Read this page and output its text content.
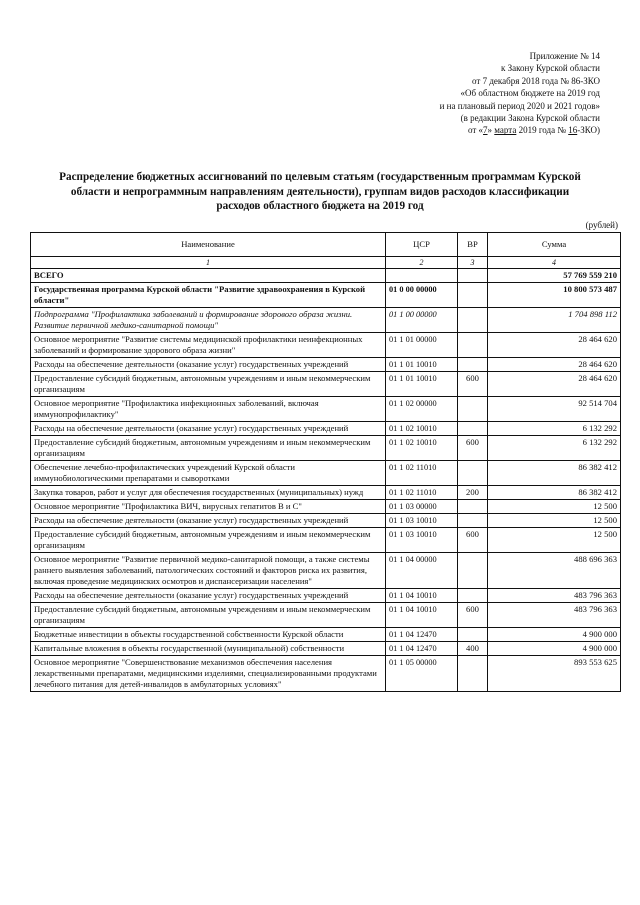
Приложение № 14
к Закону Курской области
от 7 декабря 2018 года № 86-ЗКО
«Об областном бюджете на 2019 год
и на плановый период 2020 и 2021 годов»
(в редакции Закона Курской области
от «7» марта 2019 года № 16-ЗКО)
Распределение бюджетных ассигнований по целевым статьям (государственным программам Курской
области и непрограммным направлениям деятельности), группам видов расходов классификации
расходов областного бюджета на 2019 год
(рублей)
Наименование	ЦСР	ВР	Сумма
1	2	3	4
ВСЕГО			57 769 559 210
Государственная программа Курской области "Развитие здравоохранения в Курской области"	01 0 00 00000		10 800 573 487
Подпрограмма "Профилактика заболеваний и формирование здорового образа жизни. Развитие первичной медико-санитарной помощи"	01 1 00 00000		1 704 898 112
Основное мероприятие "Развитие системы медицинской профилактики неинфекционных заболеваний и формирование здорового образа жизни"	01 1 01 00000		28 464 620
Расходы на обеспечение деятельности (оказание услуг) государственных учреждений	01 1 01 10010		28 464 620
Предоставление субсидий бюджетным, автономным учреждениям и иным некоммерческим организациям	01 1 01 10010	600	28 464 620
Основное мероприятие "Профилактика инфекционных заболеваний, включая иммунопрофилактику"	01 1 02 00000		92 514 704
Расходы на обеспечение деятельности (оказание услуг) государственных учреждений	01 1 02 10010		6 132 292
Предоставление субсидий бюджетным, автономным учреждениям и иным некоммерческим организациям	01 1 02 10010	600	6 132 292
Обеспечение лечебно-профилактических учреждений Курской области иммунобиологическими препаратами и сыворотками	01 1 02 11010		86 382 412
Закупка товаров, работ и услуг для обеспечения государственных (муниципальных) нужд	01 1 02 11010	200	86 382 412
Основное мероприятие "Профилактика ВИЧ, вирусных гепатитов В и С"	01 1 03 00000		12 500
Расходы на обеспечение деятельности (оказание услуг) государственных учреждений	01 1 03 10010		12 500
Предоставление субсидий бюджетным, автономным учреждениям и иным некоммерческим организациям	01 1 03 10010	600	12 500
Основное мероприятие "Развитие первичной медико-санитарной помощи, а также системы раннего выявления заболеваний, патологических состояний и факторов риска их развития, включая проведение медицинских осмотров и диспансеризации населения"	01 1 04 00000		488 696 363
Расходы на обеспечение деятельности (оказание услуг) государственных учреждений	01 1 04 10010		483 796 363
Предоставление субсидий бюджетным, автономным учреждениям и иным некоммерческим организациям	01 1 04 10010	600	483 796 363
Бюджетные инвестиции в объекты государственной собственности Курской области	01 1 04 12470		4 900 000
Капитальные вложения в объекты государственной (муниципальной) собственности	01 1 04 12470	400	4 900 000
Основное мероприятие "Совершенствование механизмов обеспечения населения лекарственными препаратами, медицинскими изделиями, специализированными продуктами лечебного питания для детей-инвалидов в амбулаторных условиях"	01 1 05 00000		893 553 625
